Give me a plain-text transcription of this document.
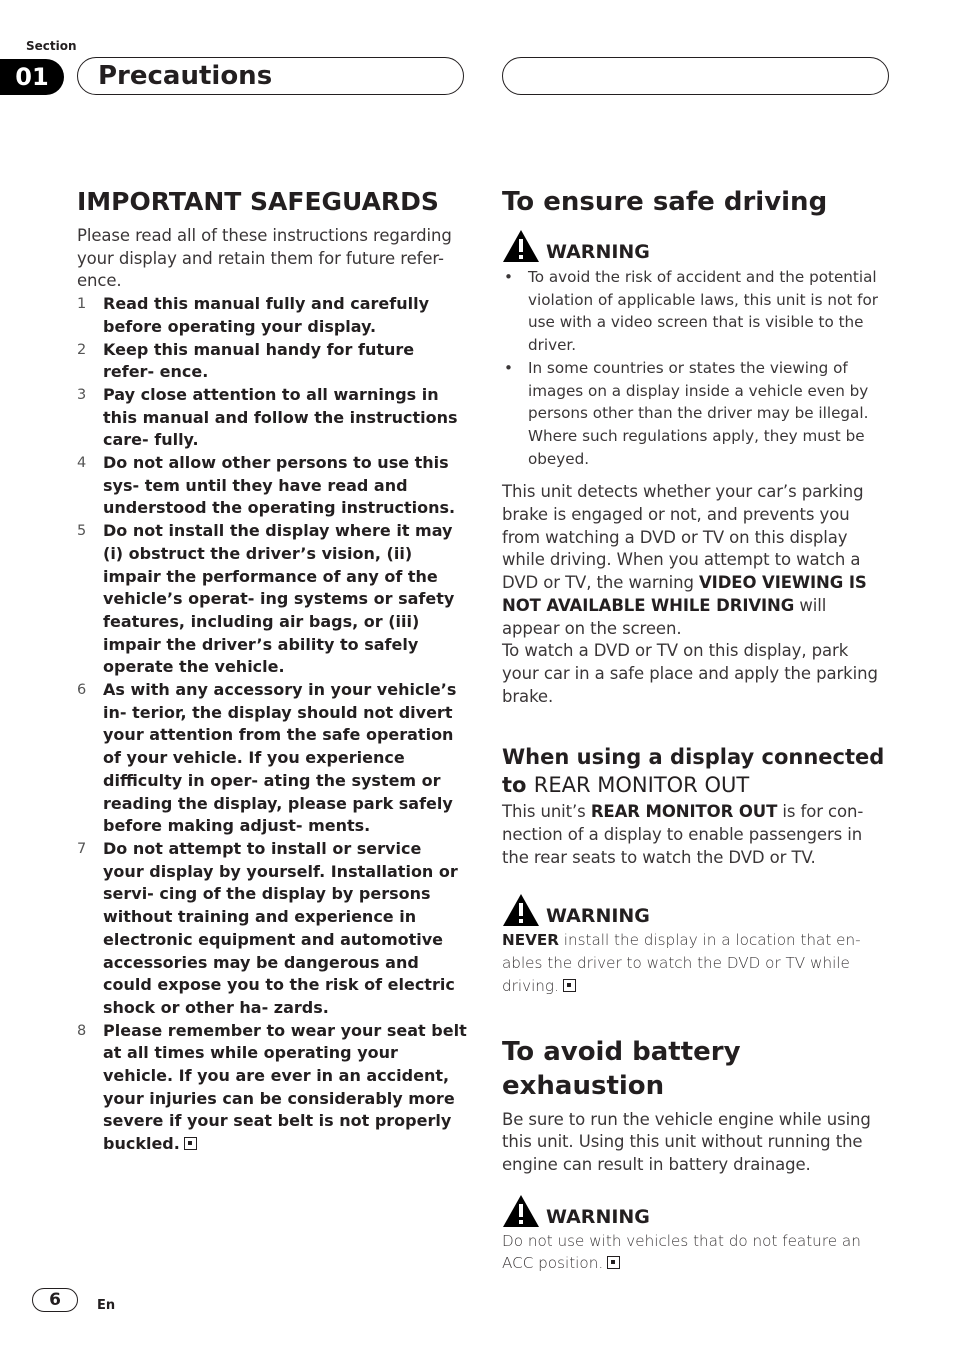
Section
01	Precautions
IMPORTANT SAFEGUARDS

Please read all of these instructions regarding your display and retain them for future refer- ence.

1 Read this manual fully and carefully before operating your display.
2 Keep this manual handy for future refer- ence.
3 Pay close attention to all warnings in this manual and follow the instructions care- fully.
4 Do not allow other persons to use this sys- tem until they have read and understood the operating instructions.
5 Do not install the display where it may (i) obstruct the driver’s vision, (ii) impair the performance of any of the vehicle’s operat- ing systems or safety features, including air bags, or (iii) impair the driver’s ability to safely operate the vehicle.
6 As with any accessory in your vehicle’s in- terior, the display should not divert your attention from the safe operation of your vehicle. If you experience difficulty in oper- ating the system or reading the display, please park safely before making adjust- ments.
7 Do not attempt to install or service your display by yourself. Installation or servi- cing of the display by persons without training and experience in electronic equipment and automotive accessories may be dangerous and could expose you to the risk of electric shock or other ha- zards.
8 Please remember to wear your seat belt at all times while operating your vehicle. If you are ever in an accident, your injuries can be considerably more severe if your seat belt is not properly buckled.
To ensure safe driving
WARNING
• To avoid the risk of accident and the potential violation of applicable laws, this unit is not for use with a video screen that is visible to the driver.
• In some countries or states the viewing of images on a display inside a vehicle even by persons other than the driver may be illegal. Where such regulations apply, they must be obeyed.

This unit detects whether your car’s parking brake is engaged or not, and prevents you from watching a DVD or TV on this display while driving. When you attempt to watch a DVD or TV, the warning VIDEO VIEWING IS NOT AVAILABLE WHILE DRIVING will appear on the screen.

To watch a DVD or TV on this display, park your car in a safe place and apply the parking brake.

When using a display connected to REAR MONITOR OUT

This unit’s REAR MONITOR OUT is for con- nection of a display to enable passengers in the rear seats to watch the DVD or TV.

WARNING

NEVER install the display in a location that en- ables the driver to watch the DVD or TV while driving.

To avoid battery exhaustion

Be sure to run the vehicle engine while using this unit. Using this unit without running the engine can result in battery drainage.

WARNING

Do not use with vehicles that do not feature an ACC position.

6	En
